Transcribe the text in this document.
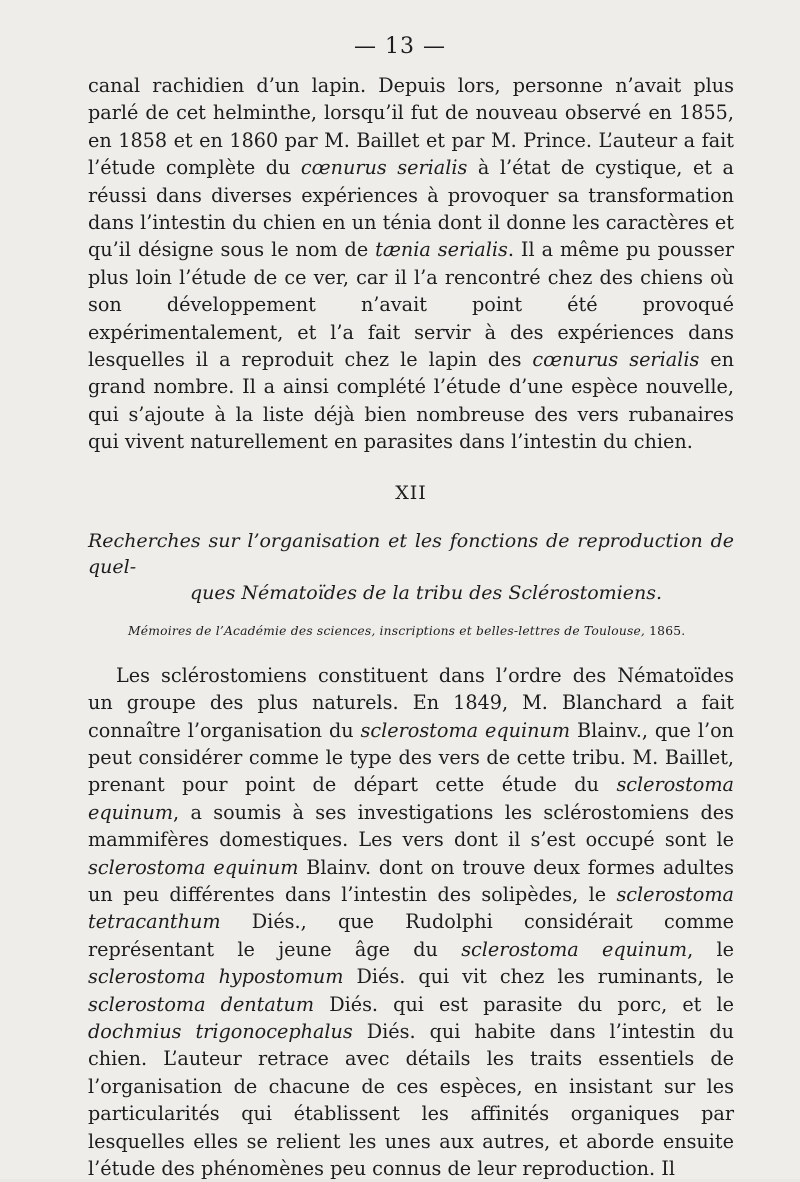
— 13 —

canal rachidien d’un lapin. Depuis lors, personne n’avait plus parlé de cet helminthe, lorsqu’il fut de nouveau observé en 1855, en 1858 et en 1860 par M. Baillet et par M. Prince. L’auteur a fait l’étude complète du cœnurus serialis à l’état de cystique, et a réussi dans diverses expériences à provoquer sa transformation dans l’intestin du chien en un ténia dont il donne les caractères et qu’il désigne sous le nom de tænia serialis. Il a même pu pousser plus loin l’étude de ce ver, car il l’a rencontré chez des chiens où son développement n’avait point été provoqué expérimentalement, et l’a fait servir à des expériences dans lesquelles il a reproduit chez le lapin des cœnurus serialis en grand nombre. Il a ainsi complété l’étude d’une espèce nouvelle, qui s’ajoute à la liste déjà bien nombreuse des vers rubanaires qui vivent naturellement en parasites dans l’intestin du chien.

XII

Recherches sur l’organisation et les fonctions de reproduction de quel-
ques Nématoïdes de la tribu des Sclérostomiens.

Mémoires de l’Académie des sciences, inscriptions et belles-lettres de Toulouse, 1865.

Les sclérostomiens constituent dans l’ordre des Nématoïdes un groupe des plus naturels. En 1849, M. Blanchard a fait connaître l’organisation du sclerostoma equinum Blainv., que l’on peut considérer comme le type des vers de cette tribu. M. Baillet, prenant pour point de départ cette étude du sclerostoma equinum, a soumis à ses investigations les sclérostomiens des mammifères domestiques. Les vers dont il s’est occupé sont le sclerostoma equinum Blainv. dont on trouve deux formes adultes un peu différentes dans l’intestin des solipèdes, le sclerostoma tetracanthum Diés., que Rudolphi considérait comme représentant le jeune âge du sclerostoma equinum, le sclerostoma hypostomum Diés. qui vit chez les ruminants, le sclerostoma dentatum Diés. qui est parasite du porc, et le dochmius trigonocephalus Diés. qui habite dans l’intestin du chien. L’auteur retrace avec détails les traits essentiels de l’organisation de chacune de ces espèces, en insistant sur les particularités qui établissent les affinités organiques par lesquelles elles se relient les unes aux autres, et aborde ensuite l’étude des phénomènes peu connus de leur reproduction. Il
